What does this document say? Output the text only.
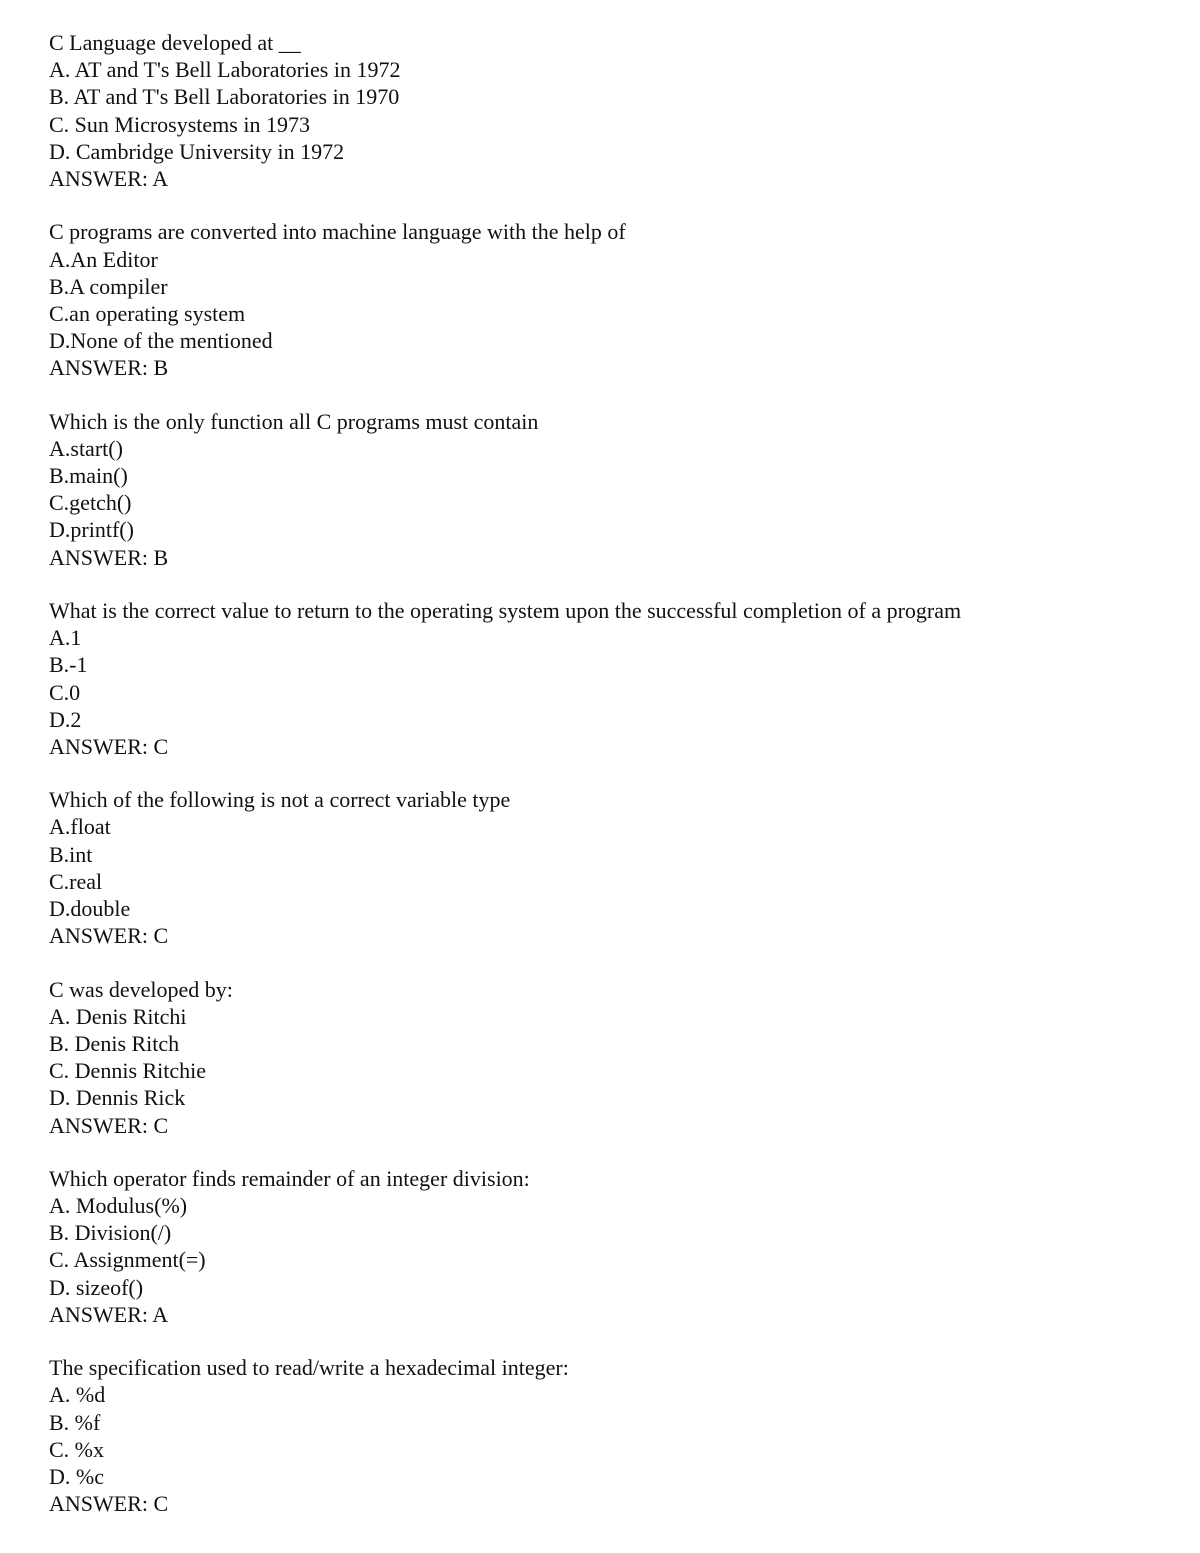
C Language developed at __
A. AT and T's Bell Laboratories in 1972
B. AT and T's Bell Laboratories in 1970
C. Sun Microsystems in 1973
D. Cambridge University in 1972
ANSWER: A
C programs are converted into machine language with the help of
A.An Editor
B.A compiler
C.an operating system
D.None of the mentioned
ANSWER: B
Which is the only function all C programs must contain
A.start()
B.main()
C.getch()
D.printf()
ANSWER: B
What is the correct value to return to the operating system upon the successful completion of a program
A.1
B.-1
C.0
D.2
ANSWER: C
Which of the following is not a correct variable type
A.float
B.int
C.real
D.double
ANSWER: C
C was developed by:
A. Denis Ritchi
B. Denis Ritch
C. Dennis Ritchie
D. Dennis Rick
ANSWER: C
Which operator finds remainder of an integer division:
A. Modulus(%)
B. Division(/)
C. Assignment(=)
D. sizeof()
ANSWER: A
The specification used to read/write a hexadecimal integer:
A. %d
B. %f
C. %x
D. %c
ANSWER: C
